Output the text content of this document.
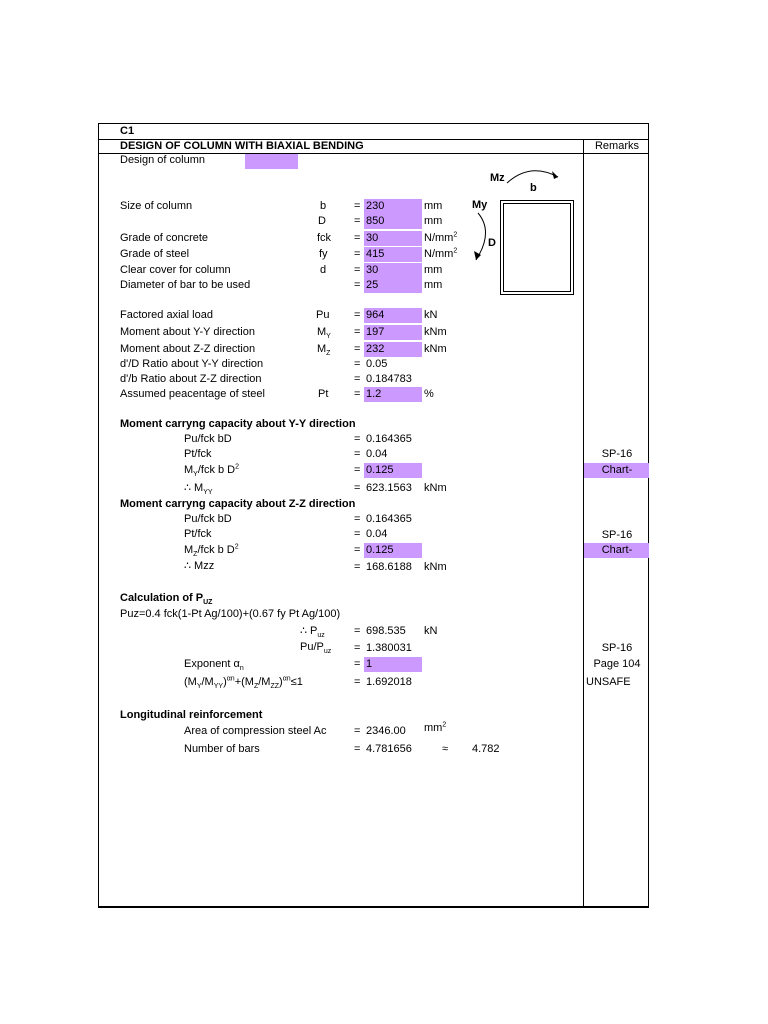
C1
DESIGN OF COLUMN WITH BIAXIAL BENDING	Remarks
Design of column
Mz
b
My
D
Size of column	b	= 230	mm
D	= 850	mm
Grade of concrete	fck = 30	$N/mm^2$
Grade of steel	fy = 415	$N/mm^2$
Clear cover for column	d	= 30	mm
Diameter of bar to be used	= 25	mm
Factored axial load	Pu = 964	kN
Moment about Y-Y direction	$M_Y = 197$	kNm
Moment about Z-Z direction	$M_Z = 232$	kNm
d'/D Ratio about Y-Y direction	= 0.05
d'/b Ratio about Z-Z direction	= 0.184783
Assumed peacentage of steel	Pt = 1.2	%
Moment carryng capacity about Y-Y direction
Pu/fck bD	= 0.164365
Pt/fck	= 0.04	SP-16
$M_Y$/fck b $D^2$	= 0.125	Chart-
∴ $M_{YY}$	= 623.1563 kNm
Moment carryng capacity about Z-Z direction
Pu/fck bD	= 0.164365
Pt/fck	= 0.04	SP-16
$M_Z$/fck b $D^2$	= 0.125	Chart-
∴ Mzz	= 168.6188 kNm
Calculation of $P_{UZ}$
Puz=0.4 fck(1-Pt Ag/100)+(0.67 fy Pt Ag/100)
∴ $P_{uz}$	= 698.535 kN
$Pu/P_{uz} = 1.380031$	SP-16
Exponent $\alpha_n$	= 1	Page 104
$(M_Y/M_{YY})^{\alpha n}+(M_Z/M_{ZZ})^{\alpha n}\le 1$	= 1.692018	UNSAFE
Longitudinal reinforcement
Area of compression steel Ac	= 2346.00 $mm^2$
Number of bars	= 4.781656	≈ 4.782
